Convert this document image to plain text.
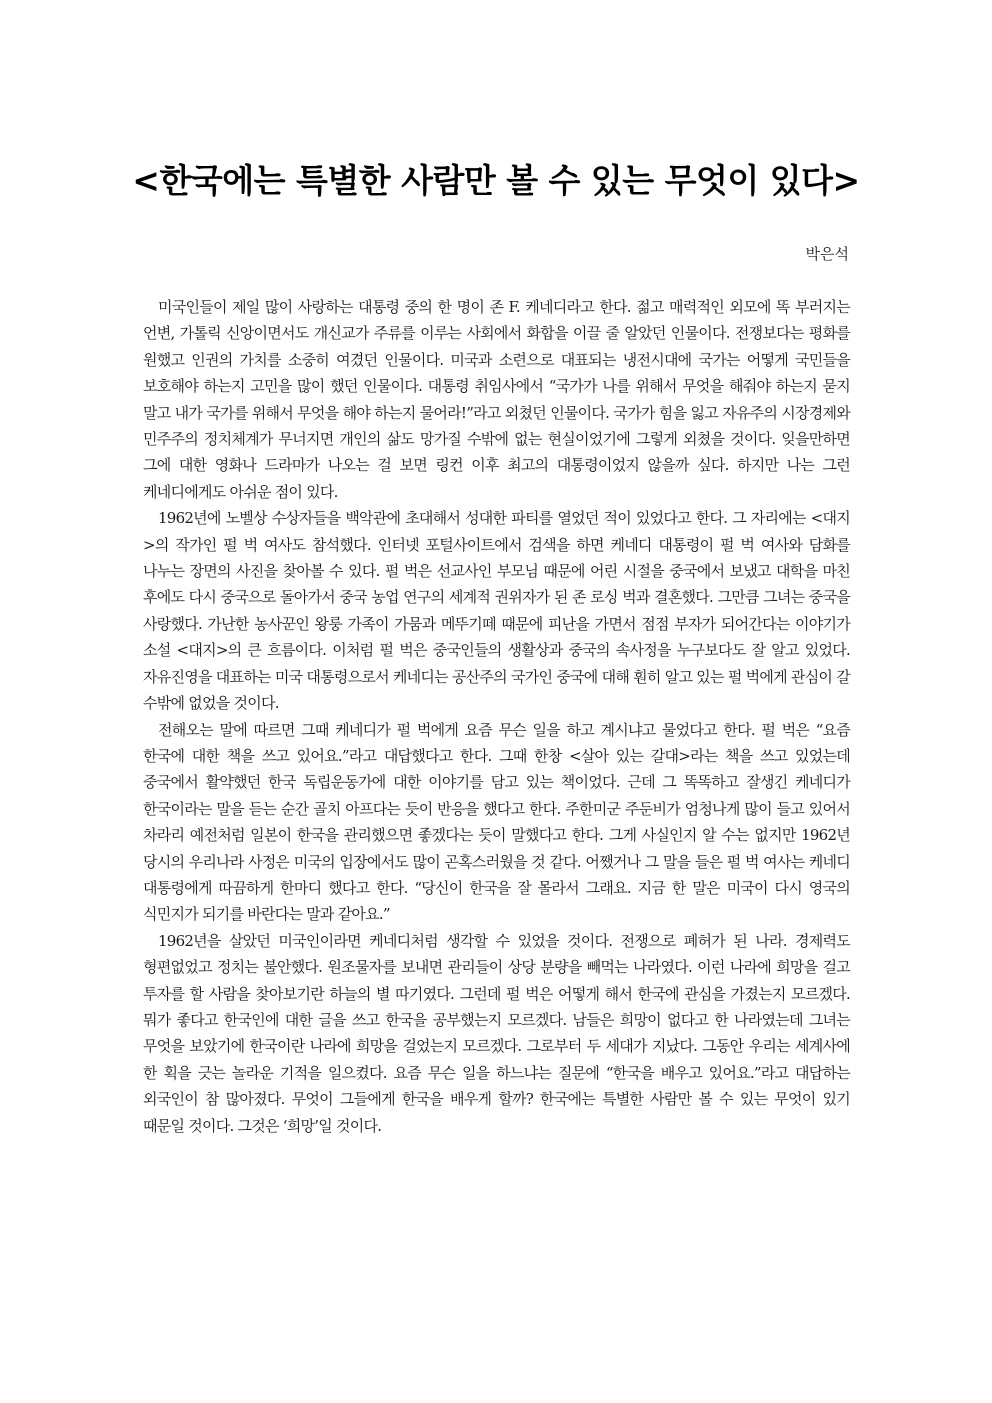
<한국에는 특별한 사람만 볼 수 있는 무엇이 있다>
박은석

미국인들이 제일 많이 사랑하는 대통령 중의 한 명이 존 F. 케네디라고 한다. 젊고 매력적인 외모에 똑 부러지는 언변, 가톨릭 신앙이면서도 개신교가 주류를 이루는 사회에서 화합을 이끌 줄 알았던 인물이다. 전쟁보다는 평화를 원했고 인권의 가치를 소중히 여겼던 인물이다. 미국과 소련으로 대표되는 냉전시대에 국가는 어떻게 국민들을 보호해야 하는지 고민을 많이 했던 인물이다. 대통령 취임사에서 “국가가 나를 위해서 무엇을 해줘야 하는지 묻지 말고 내가 국가를 위해서 무엇을 해야 하는지 물어라!”라고 외쳤던 인물이다. 국가가 힘을 잃고 자유주의 시장경제와 민주주의 정치체계가 무너지면 개인의 삶도 망가질 수밖에 없는 현실이었기에 그렇게 외쳤을 것이다. 잊을만하면 그에 대한 영화나 드라마가 나오는 걸 보면 링컨 이후 최고의 대통령이었지 않을까 싶다. 하지만 나는 그런 케네디에게도 아쉬운 점이 있다.

1962년에 노벨상 수상자들을 백악관에 초대해서 성대한 파티를 열었던 적이 있었다고 한다. 그 자리에는 <대지>의 작가인 펄 벅 여사도 참석했다. 인터넷 포털사이트에서 검색을 하면 케네디 대통령이 펄 벅 여사와 담화를 나누는 장면의 사진을 찾아볼 수 있다. 펄 벅은 선교사인 부모님 때문에 어린 시절을 중국에서 보냈고 대학을 마친 후에도 다시 중국으로 돌아가서 중국 농업 연구의 세계적 권위자가 된 존 로싱 벅과 결혼했다. 그만큼 그녀는 중국을 사랑했다. 가난한 농사꾼인 왕룽 가족이 가뭄과 메뚜기떼 때문에 피난을 가면서 점점 부자가 되어간다는 이야기가 소설 <대지>의 큰 흐름이다. 이처럼 펄 벅은 중국인들의 생활상과 중국의 속사정을 누구보다도 잘 알고 있었다. 자유진영을 대표하는 미국 대통령으로서 케네디는 공산주의 국가인 중국에 대해 훤히 알고 있는 펄 벅에게 관심이 갈 수밖에 없었을 것이다.

전해오는 말에 따르면 그때 케네디가 펄 벅에게 요즘 무슨 일을 하고 계시냐고 물었다고 한다. 펄 벅은 “요즘 한국에 대한 책을 쓰고 있어요.”라고 대답했다고 한다. 그때 한창 <살아 있는 갈대>라는 책을 쓰고 있었는데 중국에서 활약했던 한국 독립운동가에 대한 이야기를 담고 있는 책이었다. 근데 그 똑똑하고 잘생긴 케네디가 한국이라는 말을 듣는 순간 골치 아프다는 듯이 반응을 했다고 한다. 주한미군 주둔비가 엄청나게 많이 들고 있어서 차라리 예전처럼 일본이 한국을 관리했으면 좋겠다는 듯이 말했다고 한다. 그게 사실인지 알 수는 없지만 1962년 당시의 우리나라 사정은 미국의 입장에서도 많이 곤혹스러웠을 것 같다. 어쨌거나 그 말을 들은 펄 벅 여사는 케네디 대통령에게 따끔하게 한마디 했다고 한다. “당신이 한국을 잘 몰라서 그래요. 지금 한 말은 미국이 다시 영국의 식민지가 되기를 바란다는 말과 같아요.”

1962년을 살았던 미국인이라면 케네디처럼 생각할 수 있었을 것이다. 전쟁으로 폐허가 된 나라. 경제력도 형편없었고 정치는 불안했다. 원조물자를 보내면 관리들이 상당 분량을 빼먹는 나라였다. 이런 나라에 희망을 걸고 투자를 할 사람을 찾아보기란 하늘의 별 따기였다. 그런데 펄 벅은 어떻게 해서 한국에 관심을 가졌는지 모르겠다. 뭐가 좋다고 한국인에 대한 글을 쓰고 한국을 공부했는지 모르겠다. 남들은 희망이 없다고 한 나라였는데 그녀는 무엇을 보았기에 한국이란 나라에 희망을 걸었는지 모르겠다. 그로부터 두 세대가 지났다. 그동안 우리는 세계사에 한 획을 긋는 놀라운 기적을 일으켰다. 요즘 무슨 일을 하느냐는 질문에 “한국을 배우고 있어요.”라고 대답하는 외국인이 참 많아졌다. 무엇이 그들에게 한국을 배우게 할까? 한국에는 특별한 사람만 볼 수 있는 무엇이 있기 때문일 것이다. 그것은 ‘희망’일 것이다.
